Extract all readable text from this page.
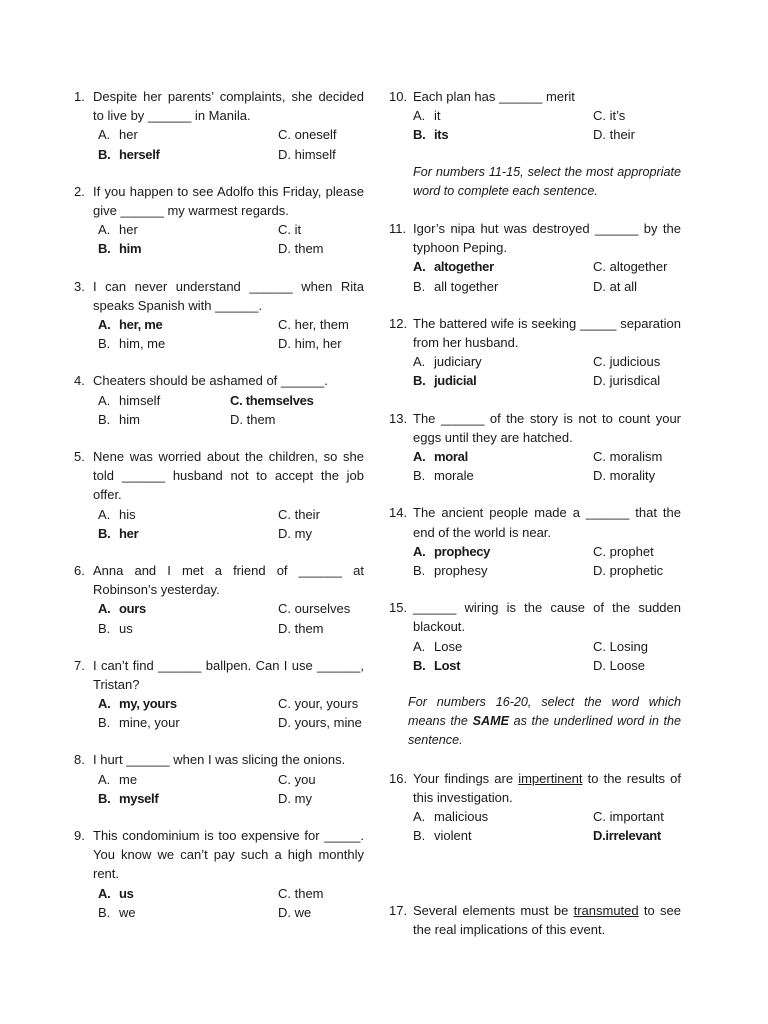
1. Despite her parents’ complaints, she decided to live by ______ in Manila.
A. her	C. oneself
B. herself	D. himself
2. If you happen to see Adolfo this Friday, please give ______ my warmest regards.
A. her	C. it
B. him	D. them
3. I can never understand ______ when Rita speaks Spanish with ______.
A. her, me	C. her, them
B. him, me	D. him, her
4. Cheaters should be ashamed of ______.
A. himself	C. themselves
B. him	D. them
5. Nene was worried about the children, so she told ______ husband not to accept the job offer.
A. his	C. their
B. her	D. my
6. Anna and I met a friend of ______ at Robinson’s yesterday.
A. ours	C. ourselves
B. us	D. them
7. I can’t find ______ ballpen. Can I use ______, Tristan?
A. my, yours	C. your, yours
B. mine, your	D. yours, mine
8. I hurt ______ when I was slicing the onions.
A. me	C. you
B. myself	D. my
9. This condominium is too expensive for _____. You know we can’t pay such a high monthly rent.
A. us	C. them
B. we	D. we
10. Each plan has ______ merit
A. it	C. it’s
B. its	D. their
For numbers 11-15, select the most appropriate word to complete each sentence.
11. Igor’s nipa hut was destroyed ______ by the typhoon Peping.
A. altogether	C. altogether
B. all together	D. at all
12. The battered wife is seeking _____ separation from her husband.
A. judiciary	C. judicious
B. judicial	D. jurisdical
13. The ______ of the story is not to count your eggs until they are hatched.
A. moral	C. moralism
B. morale	D. morality
14. The ancient people made a ______ that the end of the world is near.
A. prophecy	C. prophet
B. prophesy	D. prophetic
15. ______ wiring is the cause of the sudden blackout.
A. Lose	C. Losing
B. Lost	D. Loose
For numbers 16-20, select the word which means the SAME as the underlined word in the sentence.
16. Your findings are impertinent to the results of this investigation.
A. malicious	C. important
B. violent	D.irrelevant
17. Several elements must be transmuted to see the real implications of this event.
